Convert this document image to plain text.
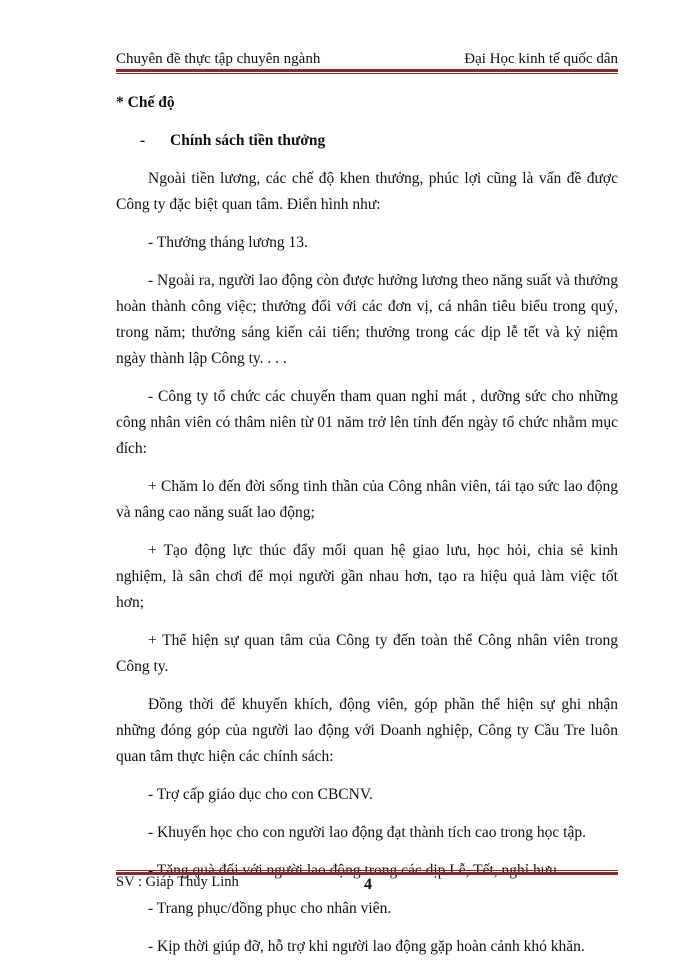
Chuyên đề thực tập chuyên ngành	Đại Học kinh tế quốc dân

* Chế độ

- Chính sách tiền thưởng

Ngoài tiền lương, các chế độ khen thưởng, phúc lợi cũng là vấn đề được Công ty đặc biệt quan tâm. Điển hình như:

- Thưởng tháng lương 13.

- Ngoài ra, người lao động còn được hưởng lương theo năng suất và thưởng hoàn thành công việc; thưởng đối với các đơn vị, cá nhân tiêu biểu trong quý, trong năm; thưởng sáng kiến cải tiến; thưởng trong các dịp lễ tết và kỷ niệm ngày thành lập Công ty. . . .

- Công ty tổ chức các chuyến tham quan nghỉ mát , dưỡng sức cho những công nhân viên có thâm niên từ 01 năm trở lên tính đến ngày tổ chức nhằm mục đích:

+ Chăm lo đến đời sống tinh thần của Công nhân viên, tái tạo sức lao động và nâng cao năng suất lao động;

+ Tạo động lực thúc đẩy mối quan hệ giao lưu, học hỏi, chia sẻ kinh nghiệm, là sân chơi để mọi người gần nhau hơn, tạo ra hiệu quả làm việc tốt hơn;

+ Thể hiện sự quan tâm của Công ty đến toàn thể Công nhân viên trong Công ty.

Đồng thời để khuyến khích, động viên, góp phần thể hiện sự ghi nhận những đóng góp của người lao động với Doanh nghiệp, Công ty Cầu Tre luôn quan tâm thực hiện các chính sách:

- Trợ cấp giáo dục cho con CBCNV.

- Khuyến học cho con người lao động đạt thành tích cao trong học tập.

- Trang phục/đồng phục cho nhân viên.

- Kịp thời giúp đỡ, hỗ trợ khi người lao động gặp hoàn cảnh khó khăn.

SV : Giáp Thùy Linh	4
